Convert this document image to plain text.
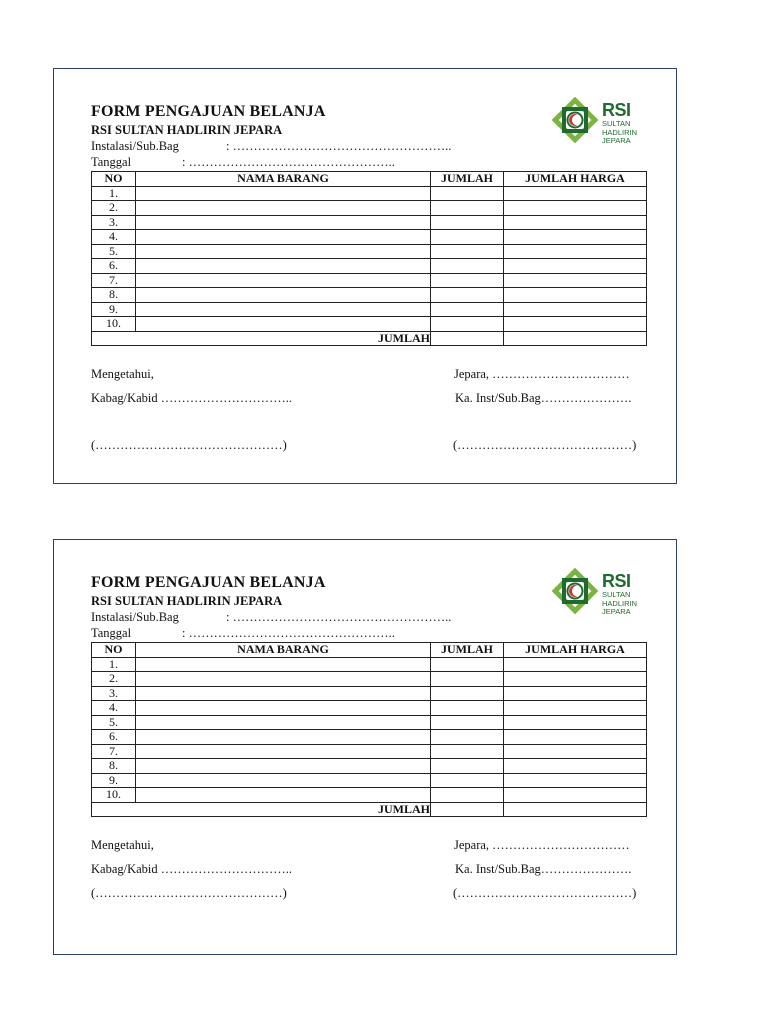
FORM PENGAJUAN BELANJA
RSI SULTAN HADLIRIN JEPARA
Instalasi/Sub.Bag	: ……………………………………………..
Tanggal	: …………………………………………..
RSI
SULTAN
HADLIRIN
JEPARA
NO	NAMA BARANG	JUMLAH	JUMLAH HARGA
1.			
2.			
3.			
4.			
5.			
6.			
7.			
8.			
9.			
10.			
JUMLAH			
Mengetahui,
Kabag/Kabid …………………………..
(………………………………………)
Jepara, ……………………………
Ka. Inst/Sub.Bag………………….
(……………………………………)
FORM PENGAJUAN BELANJA
RSI SULTAN HADLIRIN JEPARA
Instalasi/Sub.Bag	: ……………………………………………..
Tanggal	: …………………………………………..
RSI
SULTAN
HADLIRIN
JEPARA
NO	NAMA BARANG	JUMLAH	JUMLAH HARGA
1.			
2.			
3.			
4.			
5.			
6.			
7.			
8.			
9.			
10.			
JUMLAH			
Mengetahui,
Kabag/Kabid …………………………..
(………………………………………)
Jepara, ……………………………
Ka. Inst/Sub.Bag………………….
(……………………………………)
